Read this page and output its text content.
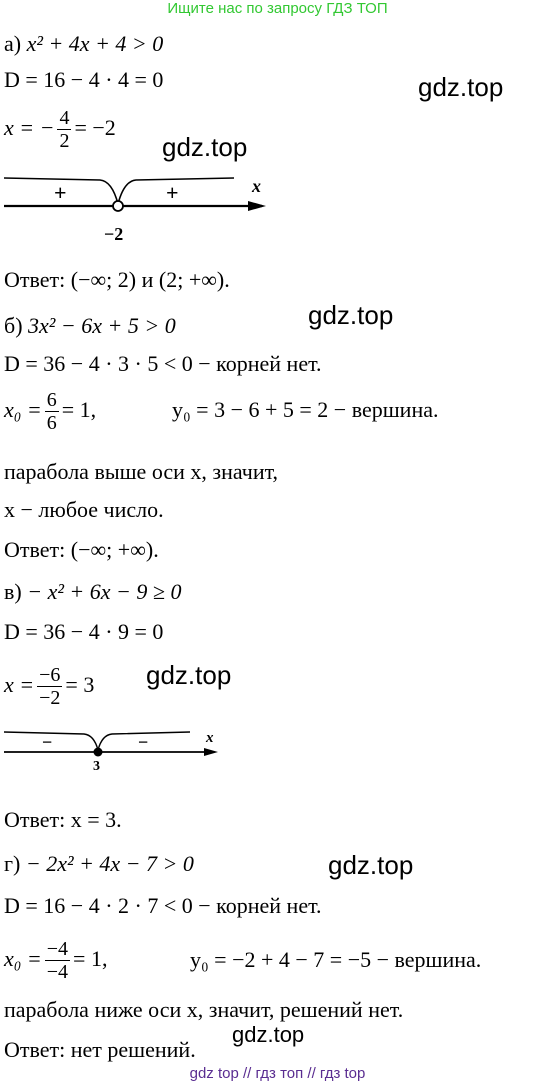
Ищите нас по запросу ГДЗ ТОП
а) x² + 4x + 4 > 0
D = 16 − 4 · 4 = 0	gdz.top
x = − $\frac{4}{2} = -2$
gdz.top
x
+	+
−2
Ответ: (−∞; 2) и (2; +∞).
gdz.top
б) 3x² − 6x + 5 > 0
D = 36 − 4 · 3 · 5 < 0 − корней нет.
$x_0 = \frac{6}{6} = 1$,	y₀ = 3 − 6 + 5 = 2 − вершина.
парабола выше оси x, значит,
x − любое число.
Ответ: (−∞; +∞).
в) − x² + 6x − 9 ≥ 0
D = 36 − 4 · 9 = 0
$x = \frac{-6}{-2} = 3$ gdz.top
x
−	−
3
Ответ: x = 3.
г) − 2x² + 4x − 7 > 0	gdz.top
D = 16 − 4 · 2 · 7 < 0 − корней нет.
$x_0 = \frac{-4}{-4} = 1$,	y₀ = −2 + 4 − 7 = −5 − вершина.
парабола ниже оси x, значит, решений нет.
Ответ: нет решений.
gdz.top
gdz top // гдз топ // гдз top
